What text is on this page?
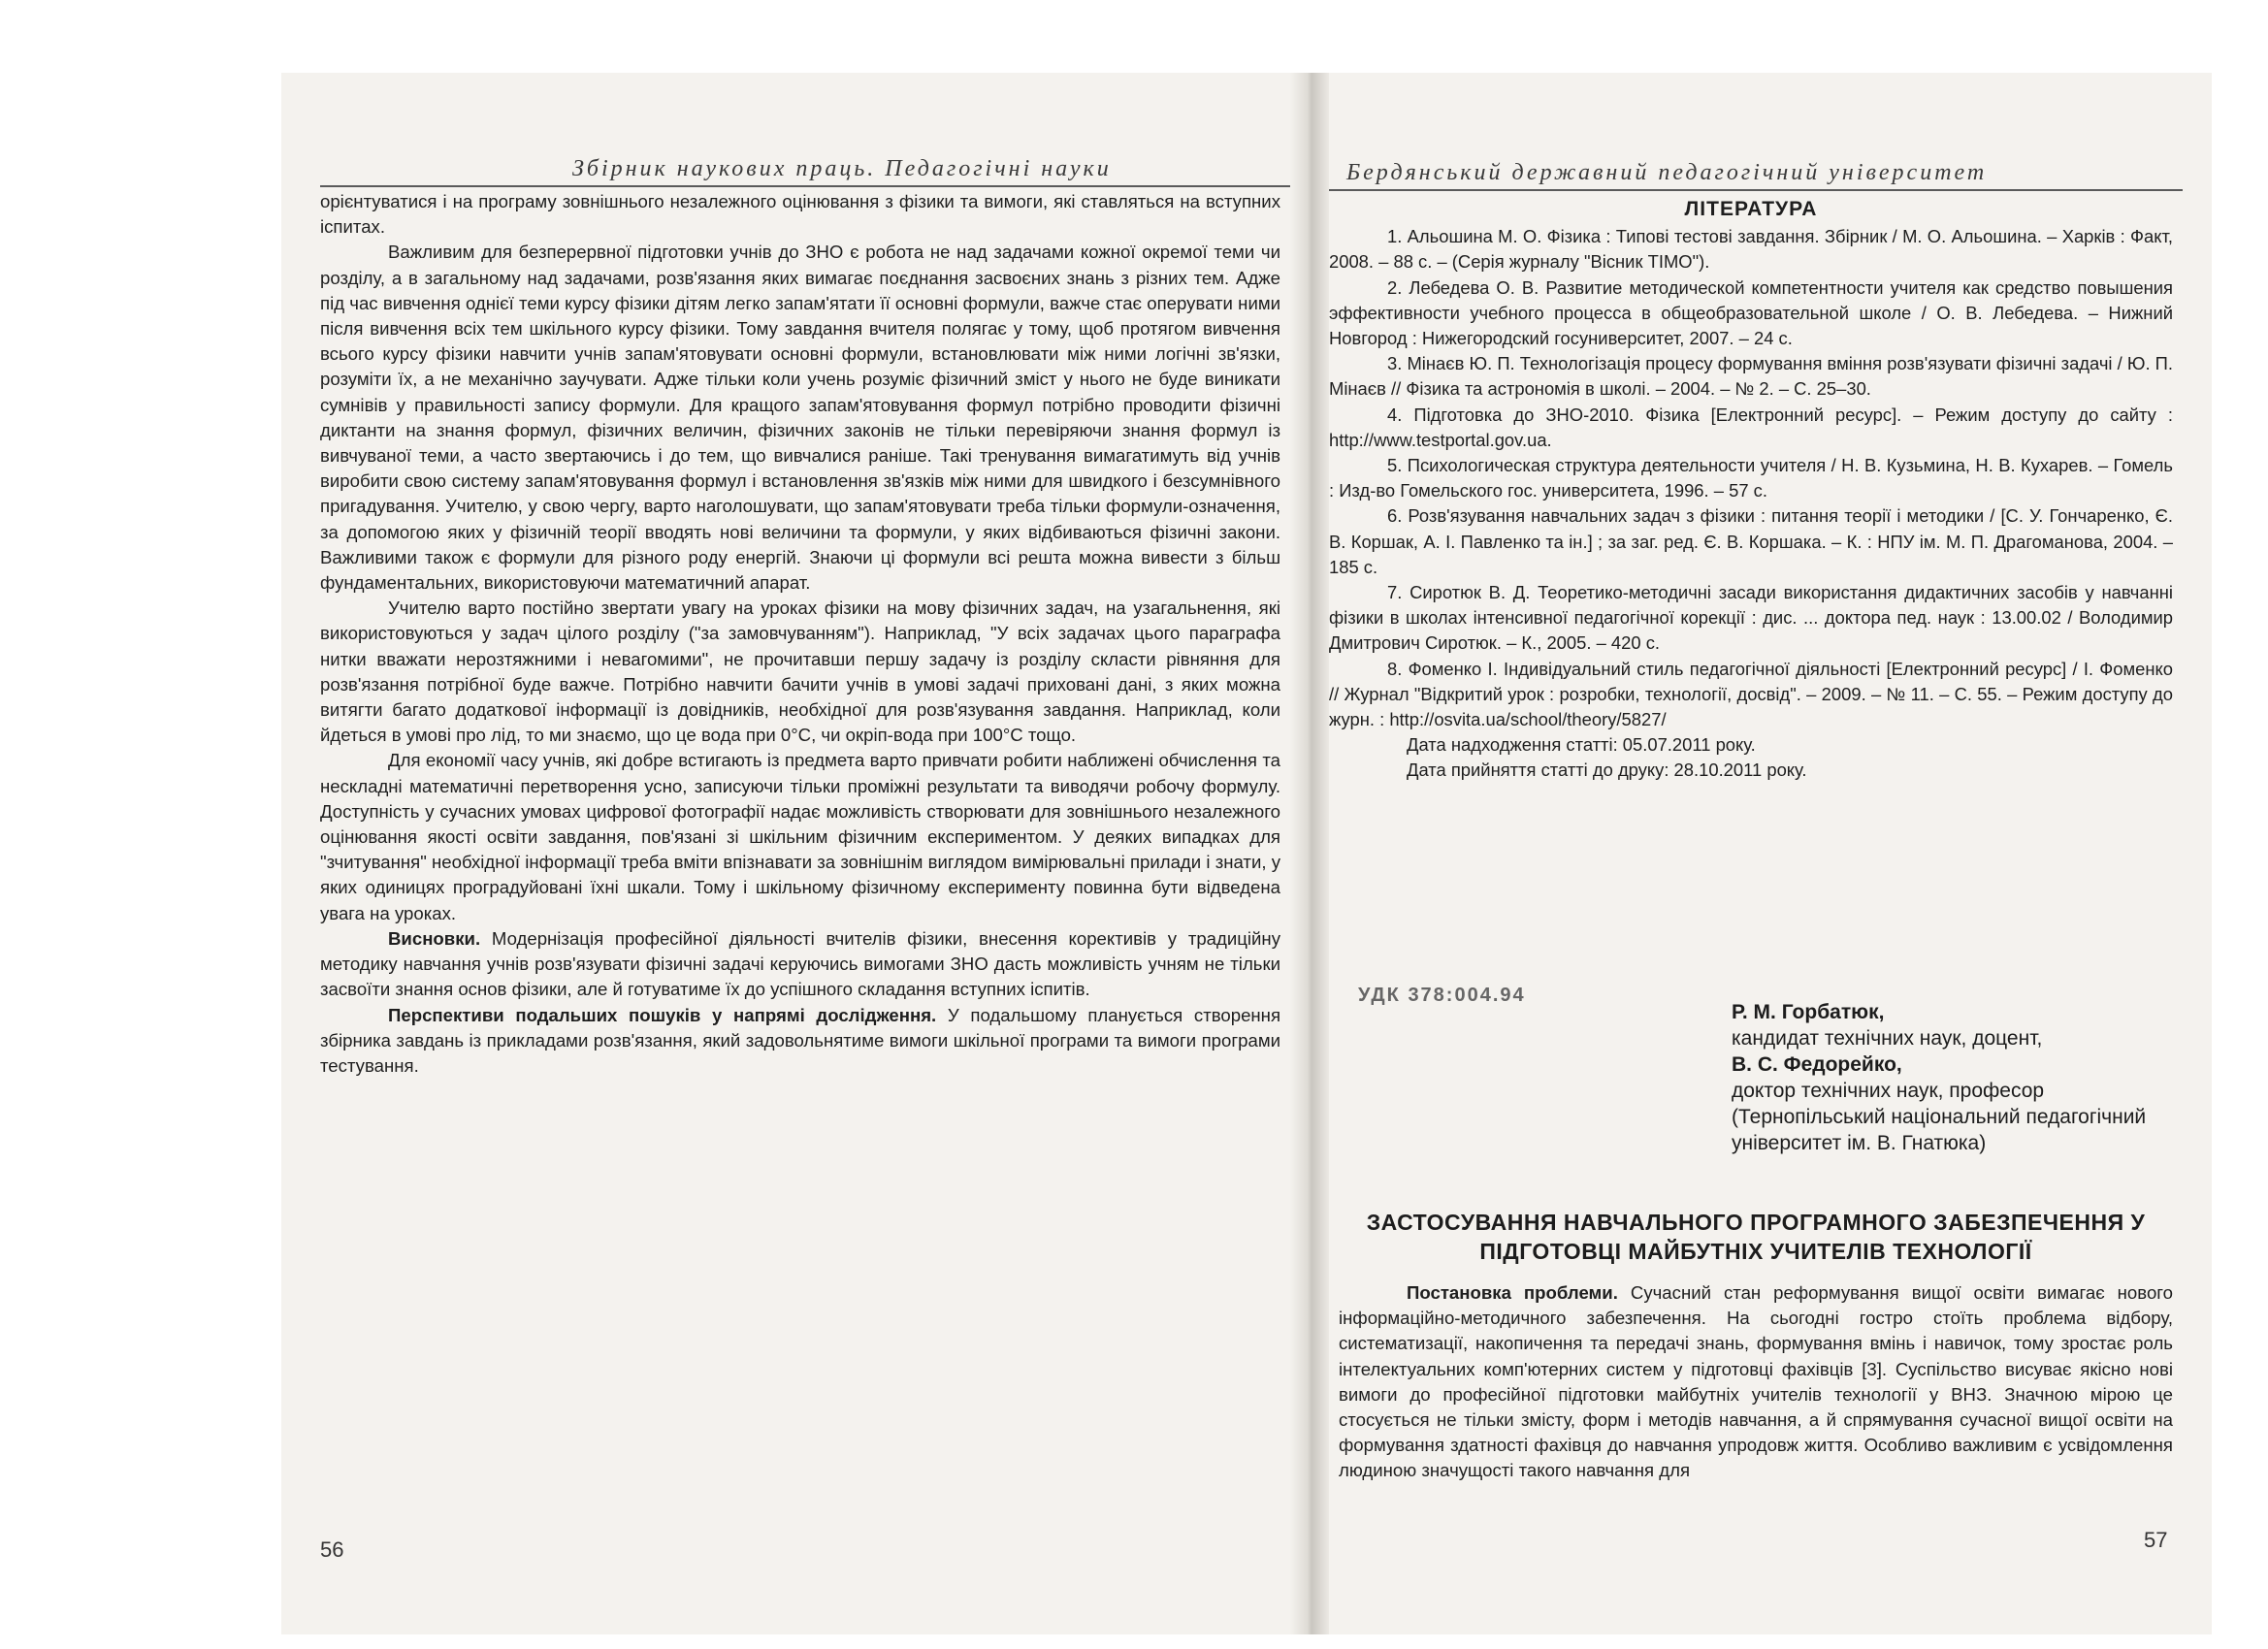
Збірник наукових праць. Педагогічні науки

орієнтуватися і на програму зовнішнього незалежного оцінювання з фізики та вимоги, які ставляться на вступних іспитах.

Важливим для безперервної підготовки учнів до ЗНО є робота не над задачами кожної окремої теми чи розділу, а в загальному над задачами, розв'язання яких вимагає поєднання засвоєних знань з різних тем. Адже під час вивчення однієї теми курсу фізики дітям легко запам'ятати її основні формули, важче стає оперувати ними після вивчення всіх тем шкільного курсу фізики. Тому завдання вчителя полягає у тому, щоб протягом вивчення всього курсу фізики навчити учнів запам'ятовувати основні формули, встановлювати між ними логічні зв'язки, розуміти їх, а не механічно заучувати. Адже тільки коли учень розуміє фізичний зміст у нього не буде виникати сумнівів у правильності запису формули. Для кращого запам'ятовування формул потрібно проводити фізичні диктанти на знання формул, фізичних величин, фізичних законів не тільки перевіряючи знання формул із вивчуваної теми, а часто звертаючись і до тем, що вивчалися раніше. Такі тренування вимагатимуть від учнів виробити свою систему запам'ятовування формул і встановлення зв'язків між ними для швидкого і безсумнівного пригадування. Учителю, у свою чергу, варто наголошувати, що запам'ятовувати треба тільки формули-означення, за допомогою яких у фізичній теорії вводять нові величини та формули, у яких відбиваються фізичні закони. Важливими також є формули для різного роду енергій. Знаючи ці формули всі решта можна вивести з більш фундаментальних, використовуючи математичний апарат.

Учителю варто постійно звертати увагу на уроках фізики на мову фізичних задач, на узагальнення, які використовуються у задач цілого розділу ("за замовчуванням"). Наприклад, "У всіх задачах цього параграфа нитки вважати нерозтяжними і невагомими", не прочитавши першу задачу із розділу скласти рівняння для розв'язання потрібної буде важче. Потрібно навчити бачити учнів в умові задачі приховані дані, з яких можна витягти багато додаткової інформації із довідників, необхідної для розв'язування завдання. Наприклад, коли йдеться в умові про лід, то ми знаємо, що це вода при 0°С, чи окріп-вода при 100°С тощо.

Для економії часу учнів, які добре встигають із предмета варто привчати робити наближені обчислення та нескладні математичні перетворення усно, записуючи тільки проміжні результати та виводячи робочу формулу. Доступність у сучасних умовах цифрової фотографії надає можливість створювати для зовнішнього незалежного оцінювання якості освіти завдання, пов'язані зі шкільним фізичним експериментом. У деяких випадках для "зчитування" необхідної інформації треба вміти впізнавати за зовнішнім виглядом вимірювальні прилади і знати, у яких одиницях проградуйовані їхні шкали. Тому і шкільному фізичному експерименту повинна бути відведена увага на уроках.

Висновки. Модернізація професійної діяльності вчителів фізики, внесення корективів у традиційну методику навчання учнів розв'язувати фізичні задачі керуючись вимогами ЗНО дасть можливість учням не тільки засвоїти знання основ фізики, але й готуватиме їх до успішного складання вступних іспитів.

Перспективи подальших пошуків у напрямі дослідження. У подальшому планується створення збірника завдань із прикладами розв'язання, який задовольнятиме вимоги шкільної програми та вимоги програми тестування.

56
Бердянський державний педагогічний університет
ЛІТЕРАТУРА

1. Альошина М. О. Фізика : Типові тестові завдання. Збірник / М. О. Альошина. – Харків : Факт, 2008. – 88 с. – (Серія журналу "Вісник ТІМО").

2. Лебедева О. В. Развитие методической компетентности учителя как средство повышения эффективности учебного процесса в общеобразовательной школе / О. В. Лебедева. – Нижний Новгород : Нижегородский госуниверситет, 2007. – 24 с.

3. Мінаєв Ю. П. Технологізація процесу формування вміння розв'язувати фізичні задачі / Ю. П. Мінаєв // Фізика та астрономія в школі. – 2004. – № 2. – С. 25–30.

4. Підготовка до ЗНО-2010. Фізика [Електронний ресурс]. – Режим доступу до сайту : http://www.testportal.gov.ua.

5. Психологическая структура деятельности учителя / Н. В. Кузьмина, Н. В. Кухарев. – Гомель : Изд-во Гомельского гос. университета, 1996. – 57 с.

6. Розв'язування навчальних задач з фізики : питання теорії і методики / [С. У. Гончаренко, Є. В. Коршак, А. І. Павленко та ін.] ; за заг. ред. Є. В. Коршака. – К. : НПУ ім. М. П. Драгоманова, 2004. – 185 с.

7. Сиротюк В. Д. Теоретико-методичні засади використання дидактичних засобів у навчанні фізики в школах інтенсивної педагогічної корекції : дис. ... доктора пед. наук : 13.00.02 / Володимир Дмитрович Сиротюк. – К., 2005. – 420 с.

8. Фоменко І. Індивідуальний стиль педагогічної діяльності [Електронний ресурс] / І. Фоменко // Журнал "Відкритий урок : розробки, технології, досвід". – 2009. – № 11. – С. 55. – Режим доступу до журн. : http://osvita.ua/school/theory/5827/

Дата надходження статті: 05.07.2011 року.

Дата прийняття статті до друку: 28.10.2011 року.

УДК 378:004.94
Р. М. Горбатюк,
кандидат технічних наук, доцент,
В. С. Федорейко,
доктор технічних наук, професор
(Тернопільський національний педагогічний університет ім. В. Гнатюка)
ЗАСТОСУВАННЯ НАВЧАЛЬНОГО ПРОГРАМНОГО ЗАБЕЗПЕЧЕННЯ У
ПІДГОТОВЦІ МАЙБУТНІХ УЧИТЕЛІВ ТЕХНОЛОГІЇ

Постановка проблеми. Сучасний стан реформування вищої освіти вимагає нового інформаційно-методичного забезпечення. На сьогодні гостро стоїть проблема відбору, систематизації, накопичення та передачі знань, формування вмінь і навичок, тому зростає роль інтелектуальних комп'ютерних систем у підготовці фахівців [3]. Суспільство висуває якісно нові вимоги до професійної підготовки майбутніх учителів технології у ВНЗ. Значною мірою це стосується не тільки змісту, форм і методів навчання, а й спрямування сучасної вищої освіти на формування здатності фахівця до навчання упродовж життя. Особливо важливим є усвідомлення людиною значущості такого навчання для

57
